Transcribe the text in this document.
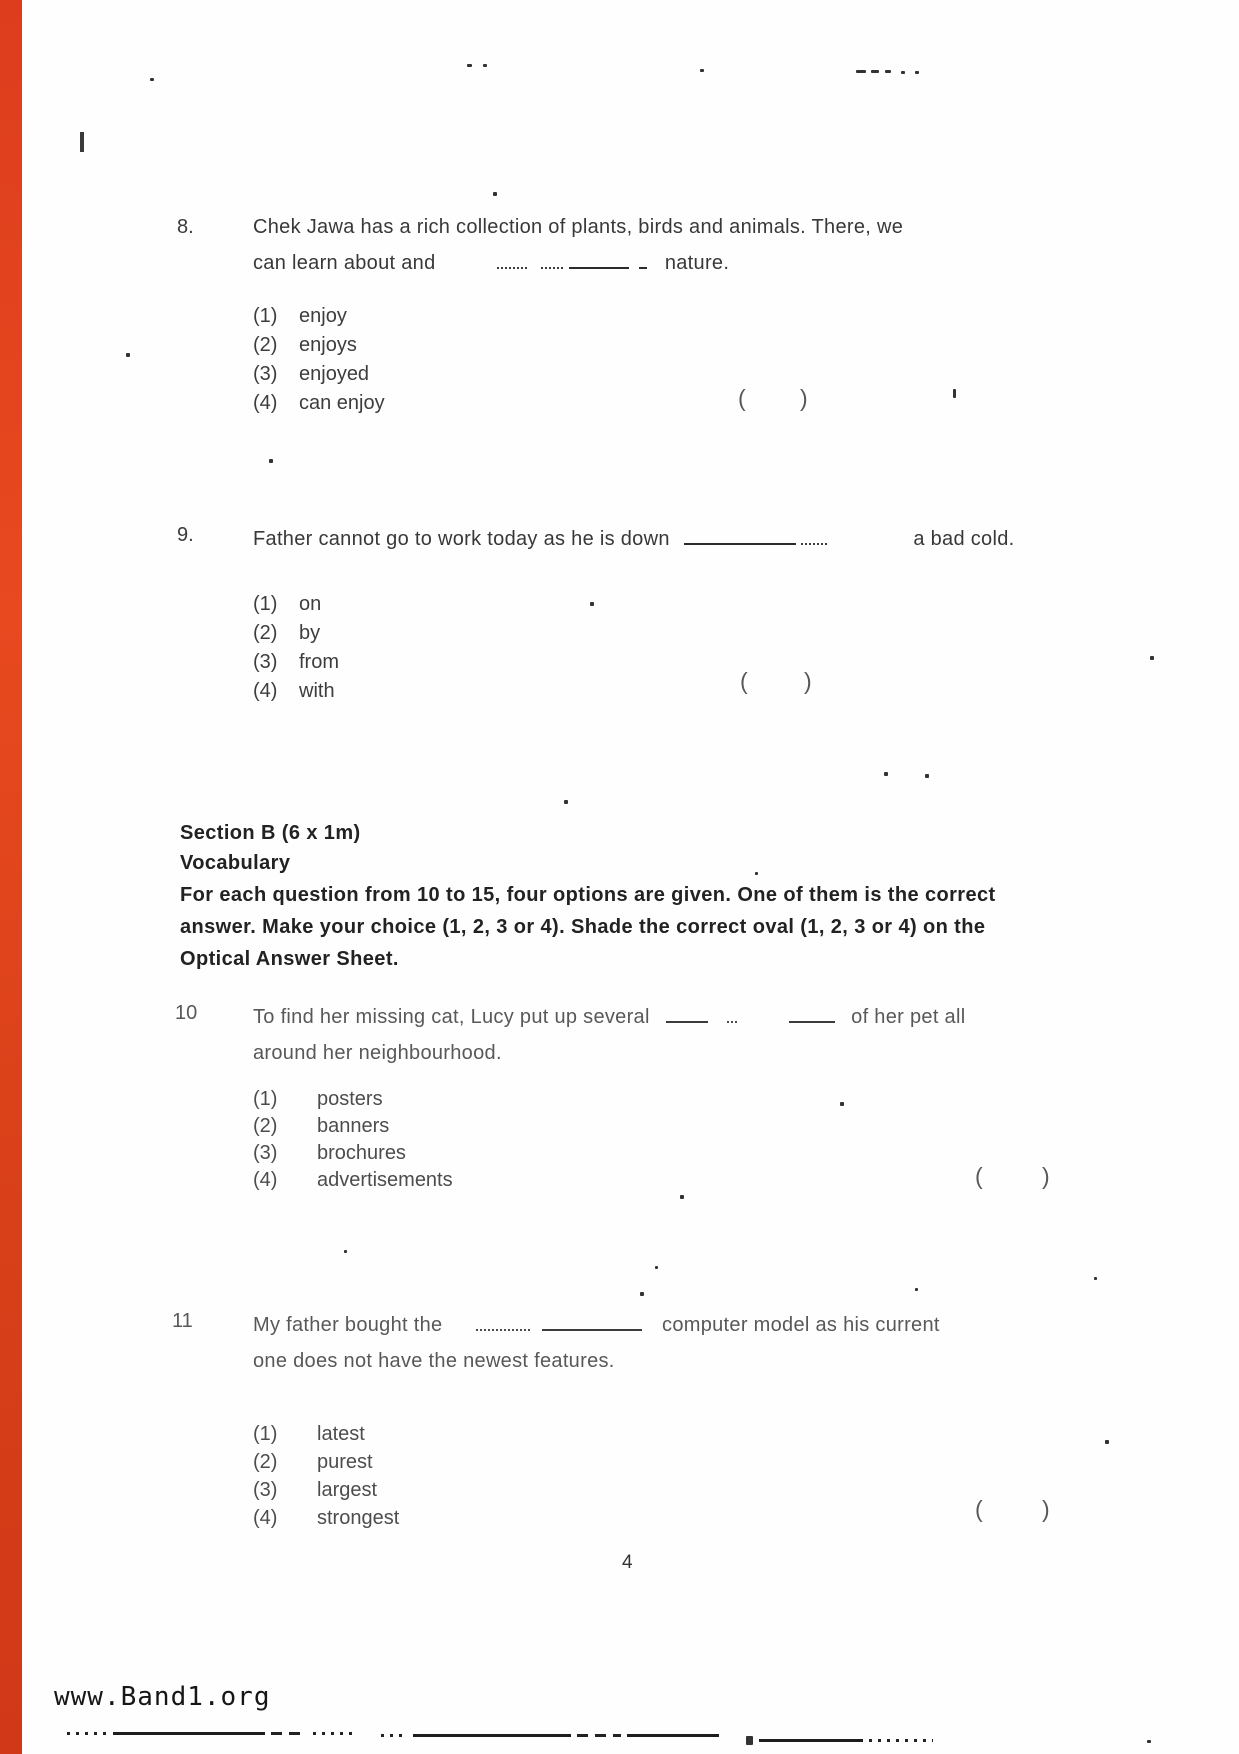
8.	Chek Jawa has a rich collection of plants, birds and animals. There, we
can learn about and	nature.
(1)	enjoy
(2)	enjoys
(3)	enjoyed
(4)	can enjoy	( )
9.	Father cannot go to work today as he is down	a bad cold.
(1)	on
(2)	by
(3)	from
(4)	with	( )
Section B (6 x 1m)
Vocabulary
For each question from 10 to 15, four options are given. One of them is the correct
answer. Make your choice (1, 2, 3 or 4). Shade the correct oval (1, 2, 3 or 4) on the
Optical Answer Sheet.
10	To find her missing cat, Lucy put up several	of her pet all
around her neighbourhood.
(1)	posters
(2)	banners
(3)	brochures
(4)	advertisements	(	)
11	My father bought the	computer model as his current
one does not have the newest features.
(1)	latest
(2)	purest
(3)	largest
(4)	strongest	(	)
4
www.Band1.org
